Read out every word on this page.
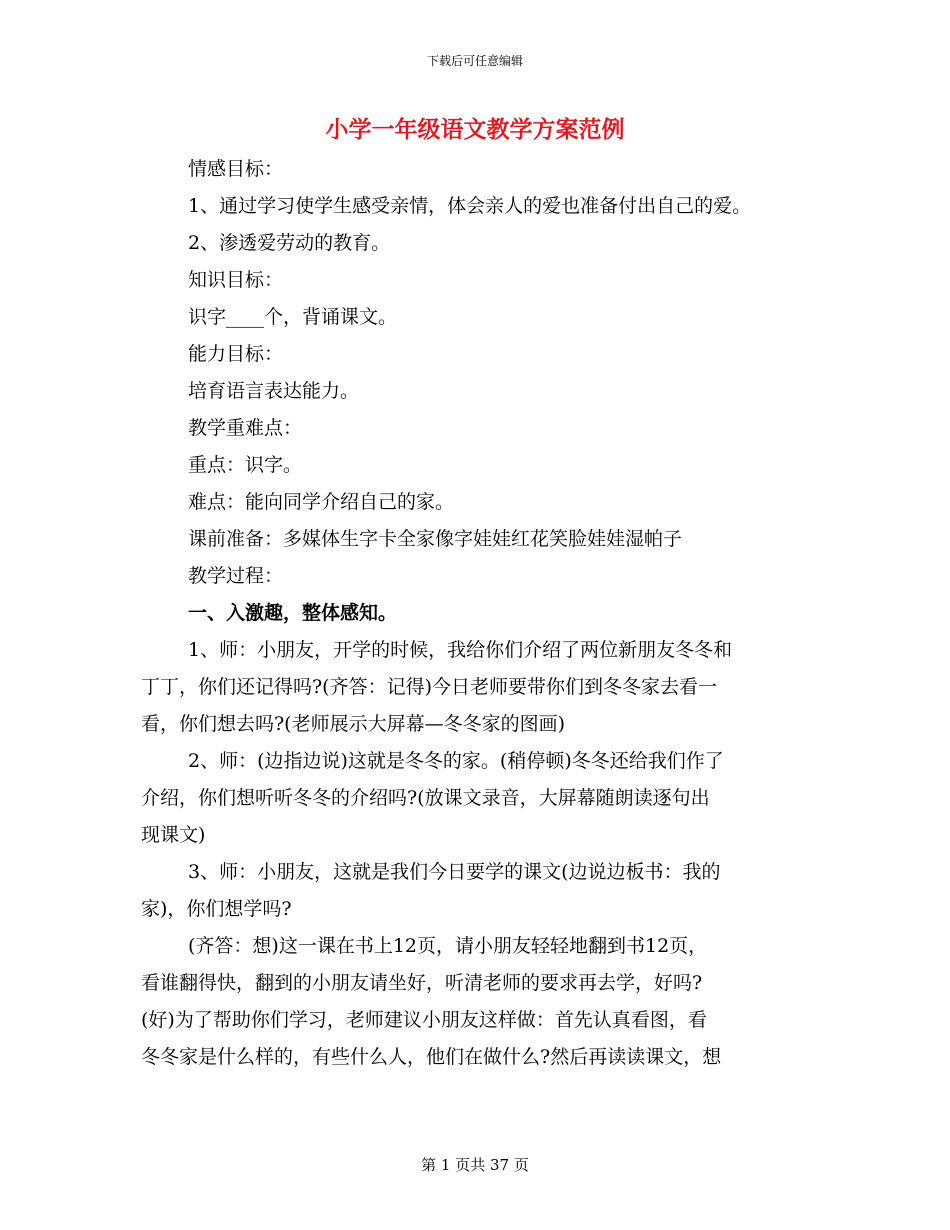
下载后可任意编辑
小学一年级语文教学方案范例
情感目标：
1、通过学习使学生感受亲情，体会亲人的爱也准备付出自己的爱。
2、渗透爱劳动的教育。
知识目标：
识字____个，背诵课文。
能力目标：
培育语言表达能力。
教学重难点：
重点：识字。
难点：能向同学介绍自己的家。
课前准备：多媒体生字卡全家像字娃娃红花笑脸娃娃湿帕子
教学过程：
一、入激趣，整体感知。
1、师：小朋友，开学的时候，我给你们介绍了两位新朋友冬冬和
丁丁，你们还记得吗?(齐答：记得)今日老师要带你们到冬冬家去看一
看，你们想去吗?(老师展示大屏幕—冬冬家的图画)
2、师：(边指边说)这就是冬冬的家。(稍停顿)冬冬还给我们作了
介绍，你们想听听冬冬的介绍吗?(放课文录音，大屏幕随朗读逐句出
现课文)
3、师：小朋友，这就是我们今日要学的课文(边说边板书：我的
家)，你们想学吗?
(齐答：想)这一课在书上12页，请小朋友轻轻地翻到书12页，
看谁翻得快，翻到的小朋友请坐好，听清老师的要求再去学，好吗?
(好)为了帮助你们学习，老师建议小朋友这样做：首先认真看图，看
冬冬家是什么样的，有些什么人，他们在做什么?然后再读读课文，想
第 1 页共 37 页
